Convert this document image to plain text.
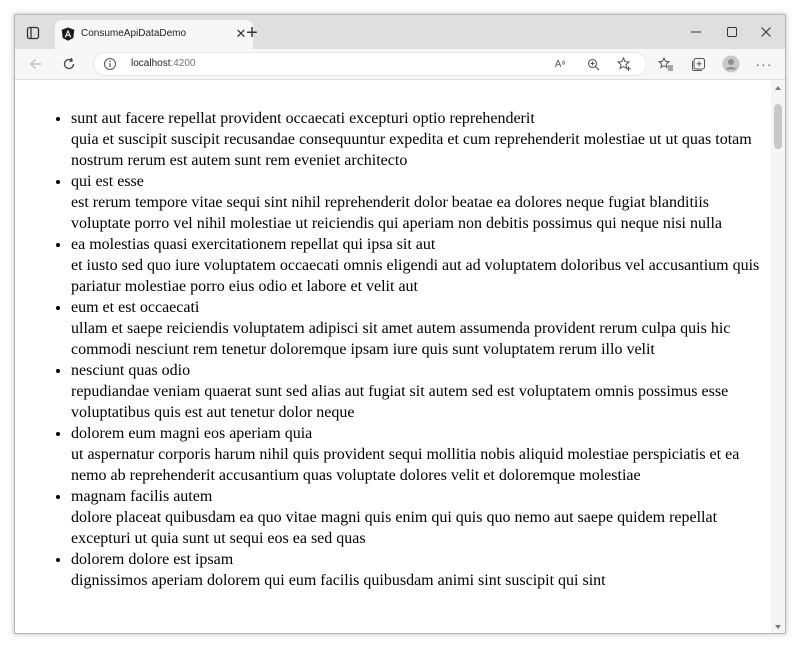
ConsumeApiDataDemo	✕ +
localhost:4200	Aᵃ	···
• sunt aut facere repellat provident occaecati excepturi optio reprehenderit
quia et suscipit suscipit recusandae consequuntur expedita et cum reprehenderit molestiae ut ut quas totam nostrum rerum est autem sunt rem eveniet architecto
• qui est esse
est rerum tempore vitae sequi sint nihil reprehenderit dolor beatae ea dolores neque fugiat blanditiis voluptate porro vel nihil molestiae ut reiciendis qui aperiam non debitis possimus qui neque nisi nulla
• ea molestias quasi exercitationem repellat qui ipsa sit aut
et iusto sed quo iure voluptatem occaecati omnis eligendi aut ad voluptatem doloribus vel accusantium quis pariatur molestiae porro eius odio et labore et velit aut
• eum et est occaecati
ullam et saepe reiciendis voluptatem adipisci sit amet autem assumenda provident rerum culpa quis hic commodi nesciunt rem tenetur doloremque ipsam iure quis sunt voluptatem rerum illo velit
• nesciunt quas odio
repudiandae veniam quaerat sunt sed alias aut fugiat sit autem sed est voluptatem omnis possimus esse voluptatibus quis est aut tenetur dolor neque
• dolorem eum magni eos aperiam quia
ut aspernatur corporis harum nihil quis provident sequi mollitia nobis aliquid molestiae perspiciatis et ea nemo ab reprehenderit accusantium quas voluptate dolores velit et doloremque molestiae
• magnam facilis autem
dolore placeat quibusdam ea quo vitae magni quis enim qui quis quo nemo aut saepe quidem repellat excepturi ut quia sunt ut sequi eos ea sed quas
• dolorem dolore est ipsam
dignissimos aperiam dolorem qui eum facilis quibusdam animi sint suscipit qui sint
